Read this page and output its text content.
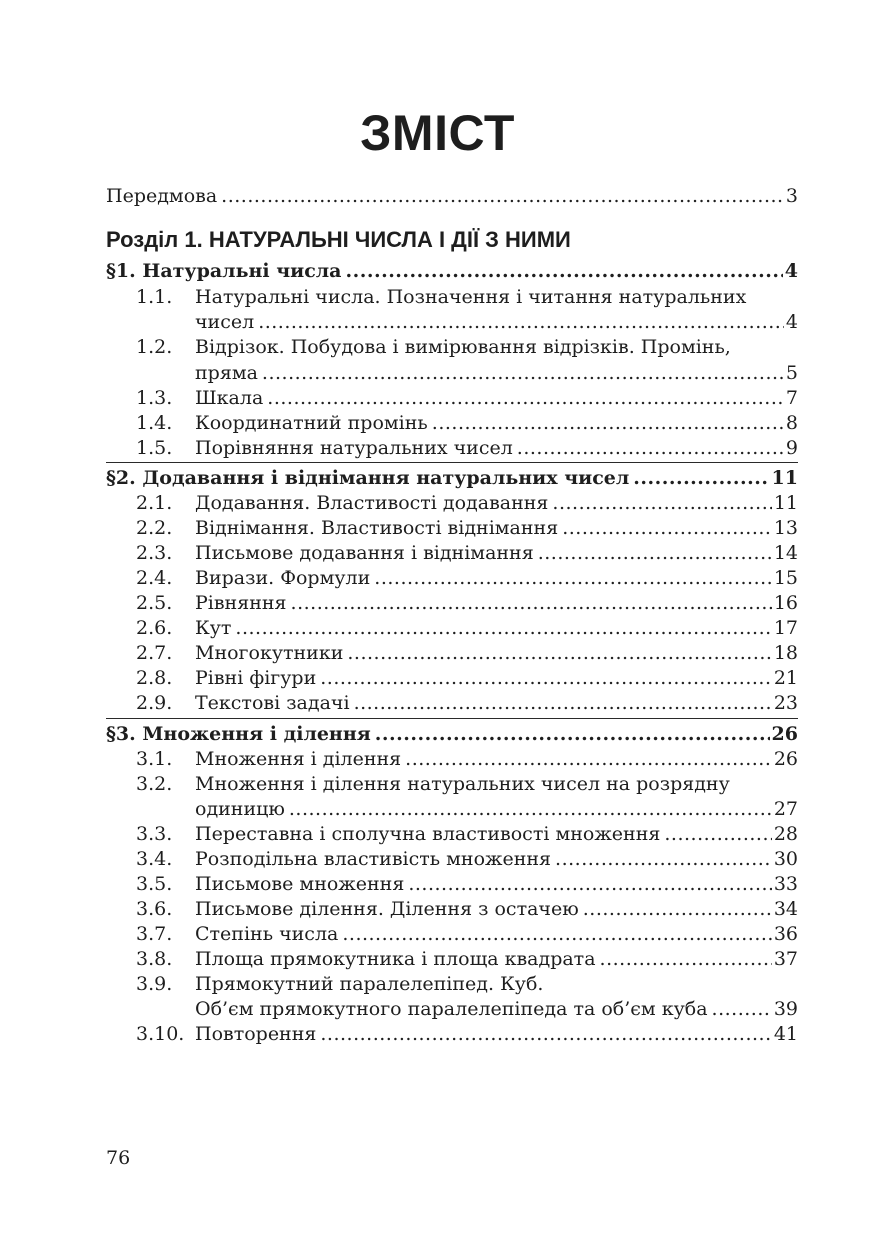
ЗМІСТ
Передмова .....	3
Розділ 1. НАТУРАЛЬНІ ЧИСЛА І ДІЇ З НИМИ
§1. Натуральні числа .....	4
1.1.	Натуральні числа. Позначення і читання натуральних
чисел .....	4
1.2.	Відрізок. Побудова і вимірювання відрізків. Промінь,
пряма .....	5
1.3.	Шкала .....	7
1.4.	Координатний промінь .....	8
1.5.	Порівняння натуральних чисел .....	9
§2. Додавання і віднімання натуральних чисел .....	11
2.1.	Додавання. Властивості додавання .....	11
2.2.	Віднімання. Властивості віднімання .....	13
2.3.	Письмове додавання і віднімання .....	14
2.4.	Вирази. Формули .....	15
2.5.	Рівняння .....	16
2.6.	Кут .....	17
2.7.	Многокутники .....	18
2.8.	Рівні фігури .....	21
2.9.	Текстові задачі .....	23
§3. Множення і ділення .....	26
3.1.	Множення і ділення .....	26
3.2.	Множення і ділення натуральних чисел на розрядну
одиницю .....	27
3.3.	Переставна і сполучна властивості множення .....	28
3.4.	Розподільна властивість множення .....	30
3.5.	Письмове множення .....	33
3.6.	Письмове ділення. Ділення з остачею .....	34
3.7.	Степінь числа .....	36
3.8.	Площа прямокутника і площа квадрата .....	37
3.9.	Прямокутний паралелепіпед. Куб.
Об’єм прямокутного паралелепіпеда та об’єм куба .....	39
3.10. Повторення .....	41
76
